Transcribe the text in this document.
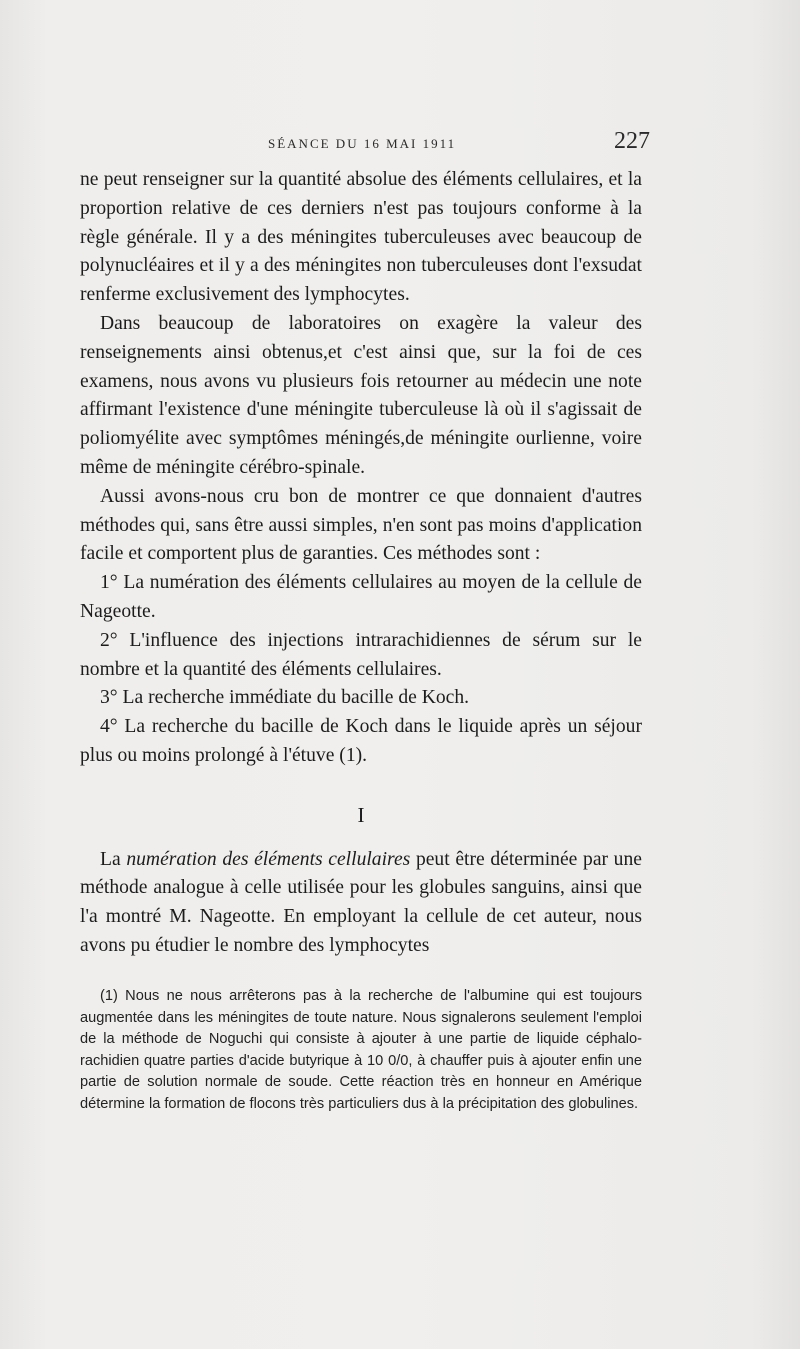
SÉANCE DU 16 MAI 1911	227

ne peut renseigner sur la quantité absolue des éléments cellulaires, et la proportion relative de ces derniers n'est pas toujours conforme à la règle générale. Il y a des méningites tuberculeuses avec beaucoup de polynucléaires et il y a des méningites non tuberculeuses dont l'exsudat renferme exclusivement des lymphocytes.

Dans beaucoup de laboratoires on exagère la valeur des renseignements ainsi obtenus,et c'est ainsi que, sur la foi de ces examens, nous avons vu plusieurs fois retourner au médecin une note affirmant l'existence d'une méningite tuberculeuse là où il s'agissait de poliomyélite avec symptômes méningés,de méningite ourlienne, voire même de méningite cérébro-spinale.

Aussi avons-nous cru bon de montrer ce que donnaient d'autres méthodes qui, sans être aussi simples, n'en sont pas moins d'application facile et comportent plus de garanties. Ces méthodes sont :

1° La numération des éléments cellulaires au moyen de la cellule de Nageotte.

2° L'influence des injections intrarachidiennes de sérum sur le nombre et la quantité des éléments cellulaires.

3° La recherche immédiate du bacille de Koch.

4° La recherche du bacille de Koch dans le liquide après un séjour plus ou moins prolongé à l'étuve (1).

I

La numération des éléments cellulaires peut être déterminée par une méthode analogue à celle utilisée pour les globules sanguins, ainsi que l'a montré M. Nageotte. En employant la cellule de cet auteur, nous avons pu étudier le nombre des lymphocytes

(1) Nous ne nous arrêterons pas à la recherche de l'albumine qui est toujours augmentée dans les méningites de toute nature. Nous signalerons seulement l'emploi de la méthode de Noguchi qui consiste à ajouter à une partie de liquide céphalo-rachidien quatre parties d'acide butyrique à 10 0/0, à chauffer puis à ajouter enfin une partie de solution normale de soude. Cette réaction très en honneur en Amérique détermine la formation de flocons très particuliers dus à la précipitation des globulines.
